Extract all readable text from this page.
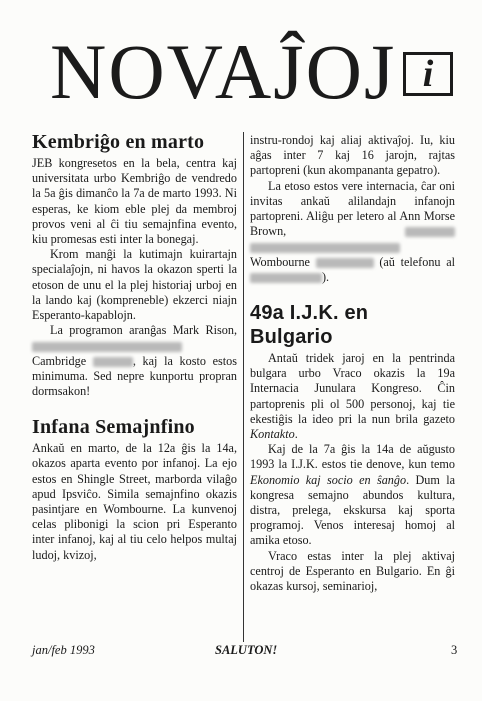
NOVAĴOJ i
Kembriĝo en marto

JEB kongresetos en la bela, centra kaj universitata urbo Kembriĝo de vendredo la 5a ĝis dimanĉo la 7a de marto 1993. Ni esperas, ke kiom eble plej da membroj provos veni al ĉi tiu semajnfina evento, kiu promesas esti inter la bonegaj.

Krom manĝi la kutimajn kuirartajn specialaĵojn, ni havos la okazon sperti la etoson de unu el la plej historiaj urboj en la lando kaj (kompreneble) ekzerci niajn Esperanto-kapablojn.

La programon aranĝas Mark Rison,  Cambridge	, kaj la kosto estos minimuma. Sed nepre kunportu propran dormsakon!

Infana Semajnfino

Ankaŭ en marto, de la 12a ĝis la 14a, okazos aparta evento por infanoj. La ejo estos en Shingle Street, marborda vilaĝo apud Ipsviĉo. Simila semajnfino okazis pasintjare en Wombourne. La kunvenoj celas plibonigi la scion pri Esperanto inter infanoj, kaj al tiu celo helpos multaj ludoj, kvizoj,

instru-rondoj kaj aliaj aktivaĵoj. Iu, kiu aĝas inter 7 kaj 16 jarojn, rajtas partopreni (kun akompananta gepatro).

La etoso estos vere internacia, ĉar oni invitas ankaŭ alilandajn infanojn partopreni. Aliĝu per letero al Ann Morse Brown,   Wombourne	(aŭ telefonu al ).

49a I.J.K. en Bulgario

Antaŭ tridek jaroj en la pentrinda bulgara urbo Vraco okazis la 19a Internacia Junulara Kongreso. Ĉin partoprenis pli ol 500 personoj, kaj tie ekestiĝis la ideo pri la nun brila gazeto Kontakto.

Kaj de la 7a ĝis la 14a de aŭgusto 1993 la I.J.K. estos tie denove, kun temo Ekonomio kaj socio en ŝanĝo. Dum la kongresa semajno abundos kultura, distra, prelega, ekskursa kaj sporta programoj. Venos interesaj homoj al amika etoso.

Vraco estas inter la plej aktivaj centroj de Esperanto en Bulgario. En ĝi okazas kursoj, seminarioj,

jan/feb 1993	SALUTON!	3
